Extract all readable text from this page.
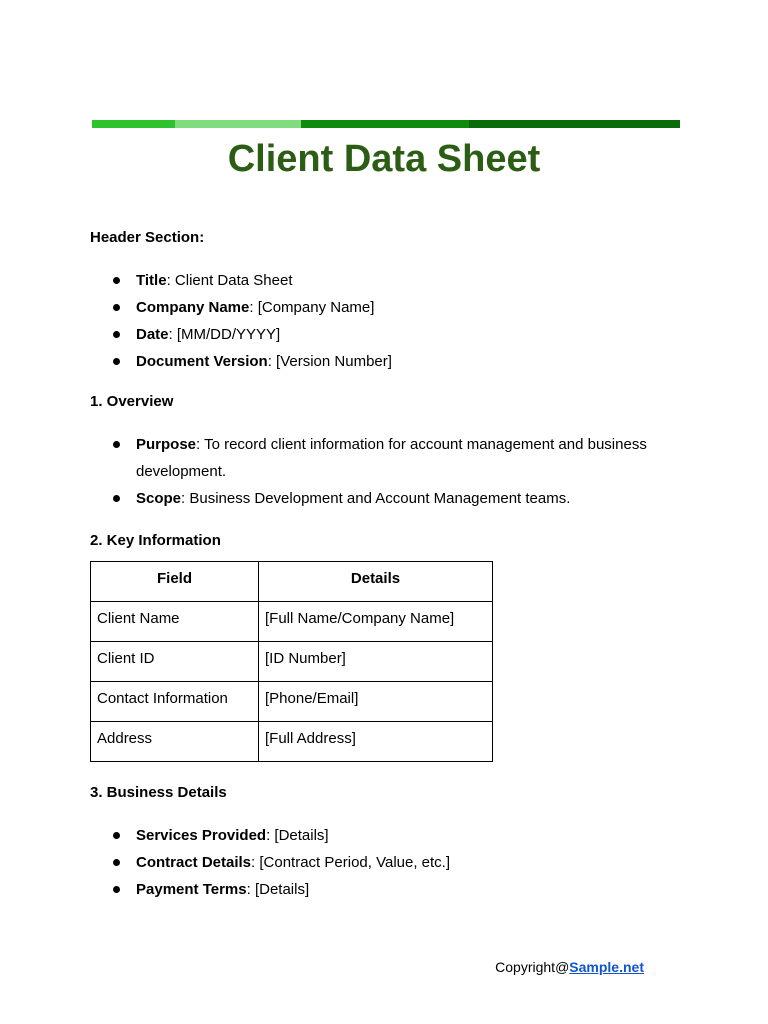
Client Data Sheet
Header Section:
Title: Client Data Sheet
Company Name: [Company Name]
Date: [MM/DD/YYYY]
Document Version: [Version Number]
1. Overview
Purpose: To record client information for account management and business development.
Scope: Business Development and Account Management teams.
2. Key Information
Field	Details
Client Name	[Full Name/Company Name]
Client ID	[ID Number]
Contact Information	[Phone/Email]
Address	[Full Address]
3. Business Details
Services Provided: [Details]
Contract Details: [Contract Period, Value, etc.]
Payment Terms: [Details]
Copyright@Sample.net
